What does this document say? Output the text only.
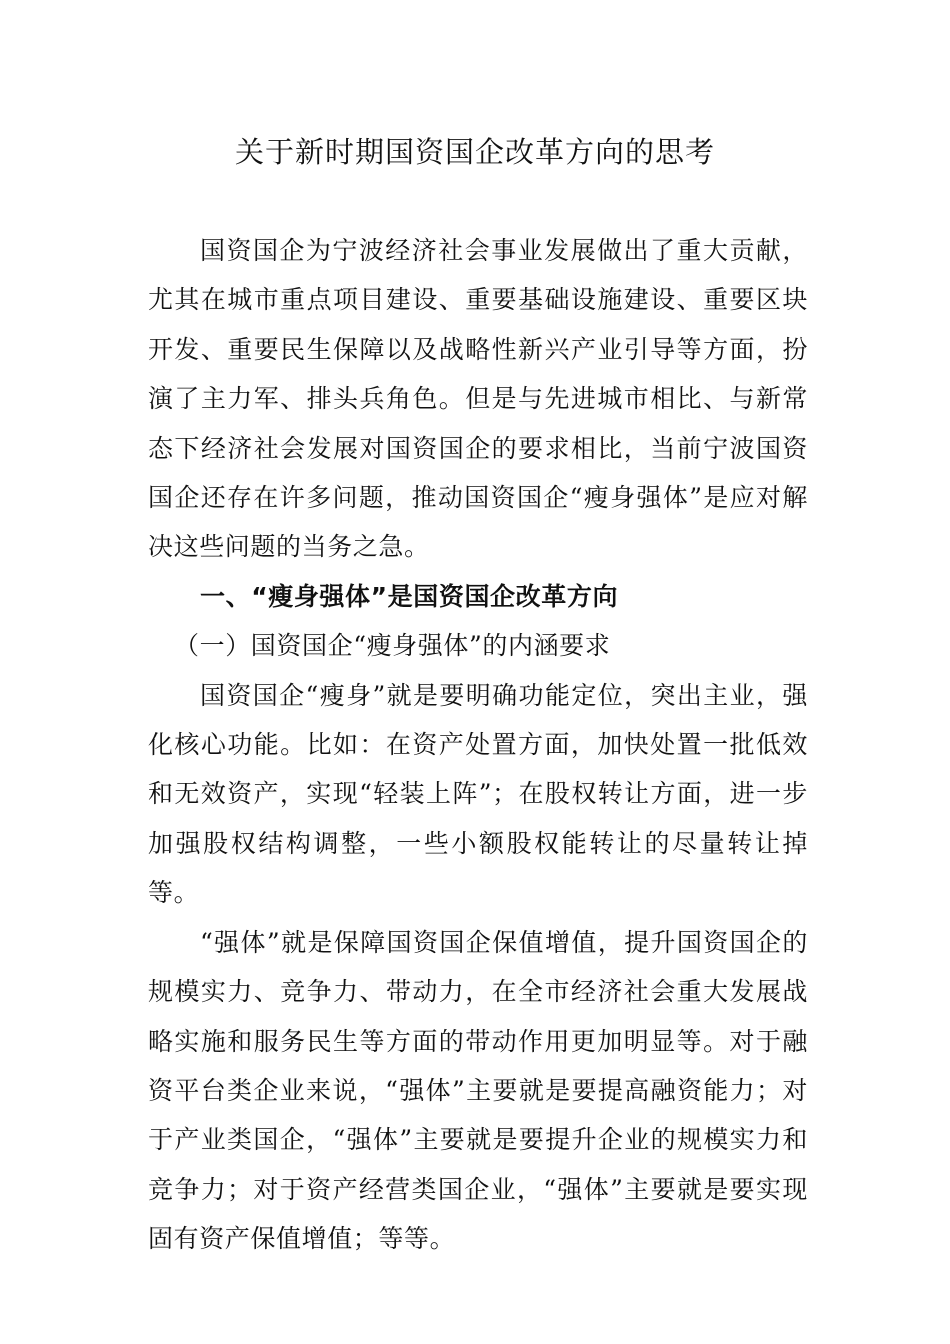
关于新时期国资国企改革方向的思考

国资国企为宁波经济社会事业发展做出了重大贡献，尤其在城市重点项目建设、重要基础设施建设、重要区块开发、重要民生保障以及战略性新兴产业引导等方面，扮演了主力军、排头兵角色。但是与先进城市相比、与新常态下经济社会发展对国资国企的要求相比，当前宁波国资国企还存在许多问题，推动国资国企“瘦身强体”是应对解决这些问题的当务之急。

一、“瘦身强体”是国资国企改革方向

（一）国资国企“瘦身强体”的内涵要求

国资国企“瘦身”就是要明确功能定位，突出主业，强化核心功能。比如：在资产处置方面，加快处置一批低效和无效资产，实现“轻装上阵”；在股权转让方面，进一步加强股权结构调整，一些小额股权能转让的尽量转让掉等。

“强体”就是保障国资国企保值增值，提升国资国企的规模实力、竞争力、带动力，在全市经济社会重大发展战略实施和服务民生等方面的带动作用更加明显等。对于融资平台类企业来说，“强体”主要就是要提高融资能力；对于产业类国企，“强体”主要就是要提升企业的规模实力和竞争力；对于资产经营类国企业，“强体”主要就是要实现固有资产保值增值；等等。
